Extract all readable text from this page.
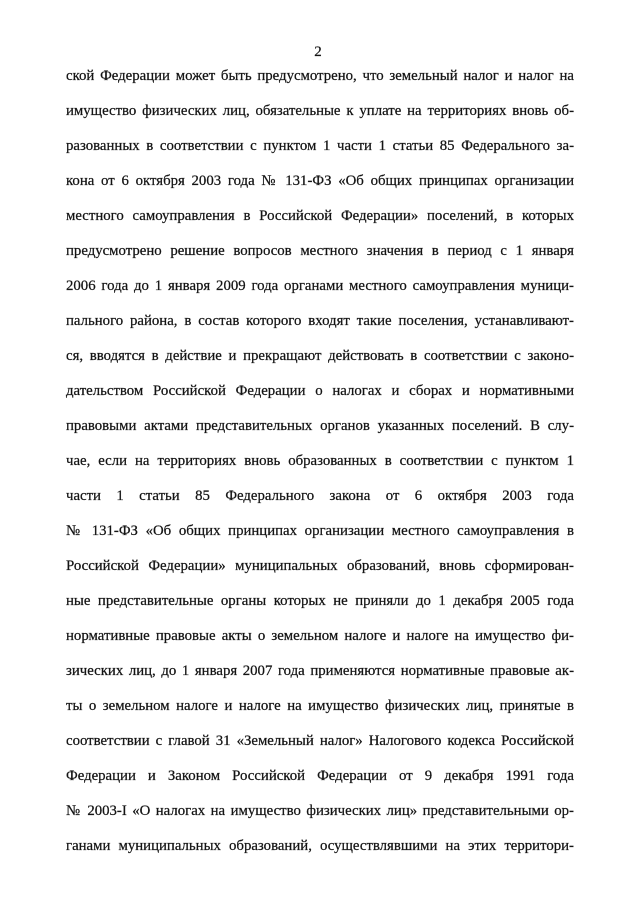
2
ской Федерации может быть предусмотрено, что земельный налог и налог на
имущество физических лиц, обязательные к уплате на территориях вновь об-
разованных в соответствии с пунктом 1 части 1 статьи 85 Федерального за-
кона от 6 октября 2003 года № 131-ФЗ «Об общих принципах организации
местного самоуправления в Российской Федерации» поселений, в которых
предусмотрено решение вопросов местного значения в период с 1 января
2006 года до 1 января 2009 года органами местного самоуправления муници-
пального района, в состав которого входят такие поселения, устанавливают-
ся, вводятся в действие и прекращают действовать в соответствии с законо-
дательством Российской Федерации о налогах и сборах и нормативными
правовыми актами представительных органов указанных поселений. В слу-
чае, если на территориях вновь образованных в соответствии с пунктом 1
части 1 статьи 85 Федерального закона от 6 октября 2003 года
№ 131-ФЗ «Об общих принципах организации местного самоуправления в
Российской Федерации» муниципальных образований, вновь сформирован-
ные представительные органы которых не приняли до 1 декабря 2005 года
нормативные правовые акты о земельном налоге и налоге на имущество фи-
зических лиц, до 1 января 2007 года применяются нормативные правовые ак-
ты о земельном налоге и налоге на имущество физических лиц, принятые в
соответствии с главой 31 «Земельный налог» Налогового кодекса Российской
Федерации и Законом Российской Федерации от 9 декабря 1991 года
№ 2003-I «О налогах на имущество физических лиц» представительными ор-
ганами муниципальных образований, осуществлявшими на этих территори-
